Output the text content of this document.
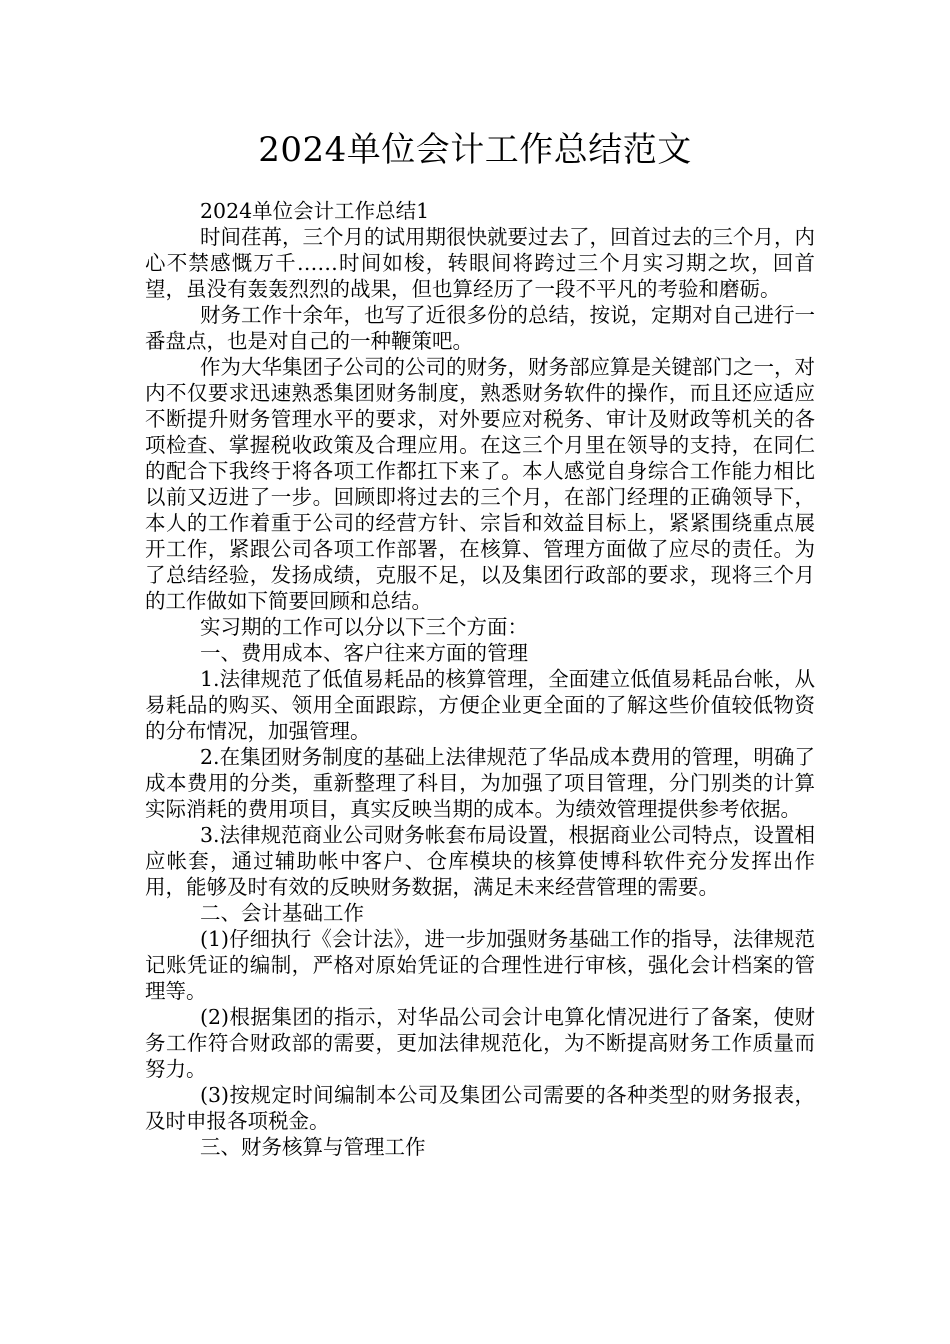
2024单位会计工作总结范文

2024单位会计工作总结1

时间荏苒，三个月的试用期很快就要过去了，回首过去的三个月，内心不禁感慨万千……时间如梭，转眼间将跨过三个月实习期之坎，回首望，虽没有轰轰烈烈的战果，但也算经历了一段不平凡的考验和磨砺。

财务工作十余年，也写了近很多份的总结，按说，定期对自己进行一番盘点，也是对自己的一种鞭策吧。

作为大华集团子公司的公司的财务，财务部应算是关键部门之一，对内不仅要求迅速熟悉集团财务制度，熟悉财务软件的操作，而且还应适应不断提升财务管理水平的要求，对外要应对税务、审计及财政等机关的各项检查、掌握税收政策及合理应用。在这三个月里在领导的支持，在同仁的配合下我终于将各项工作都扛下来了。本人感觉自身综合工作能力相比以前又迈进了一步。回顾即将过去的三个月，在部门经理的正确领导下，本人的工作着重于公司的经营方针、宗旨和效益目标上，紧紧围绕重点展开工作，紧跟公司各项工作部署，在核算、管理方面做了应尽的责任。为了总结经验，发扬成绩，克服不足，以及集团行政部的要求，现将三个月的工作做如下简要回顾和总结。

实习期的工作可以分以下三个方面：

一、费用成本、客户往来方面的管理

1.法律规范了低值易耗品的核算管理，全面建立低值易耗品台帐，从易耗品的购买、领用全面跟踪，方便企业更全面的了解这些价值较低物资的分布情况，加强管理。

2.在集团财务制度的基础上法律规范了华品成本费用的管理，明确了成本费用的分类，重新整理了科目，为加强了项目管理，分门别类的计算实际消耗的费用项目，真实反映当期的成本。为绩效管理提供参考依据。

3.法律规范商业公司财务帐套布局设置，根据商业公司特点，设置相应帐套，通过辅助帐中客户、仓库模块的核算使博科软件充分发挥出作用，能够及时有效的反映财务数据，满足未来经营管理的需要。

二、会计基础工作

(1)仔细执行《会计法》，进一步加强财务基础工作的指导，法律规范记账凭证的编制，严格对原始凭证的合理性进行审核，强化会计档案的管理等。

(2)根据集团的指示，对华品公司会计电算化情况进行了备案，使财务工作符合财政部的需要，更加法律规范化，为不断提高财务工作质量而努力。

(3)按规定时间编制本公司及集团公司需要的各种类型的财务报表，及时申报各项税金。

三、财务核算与管理工作
